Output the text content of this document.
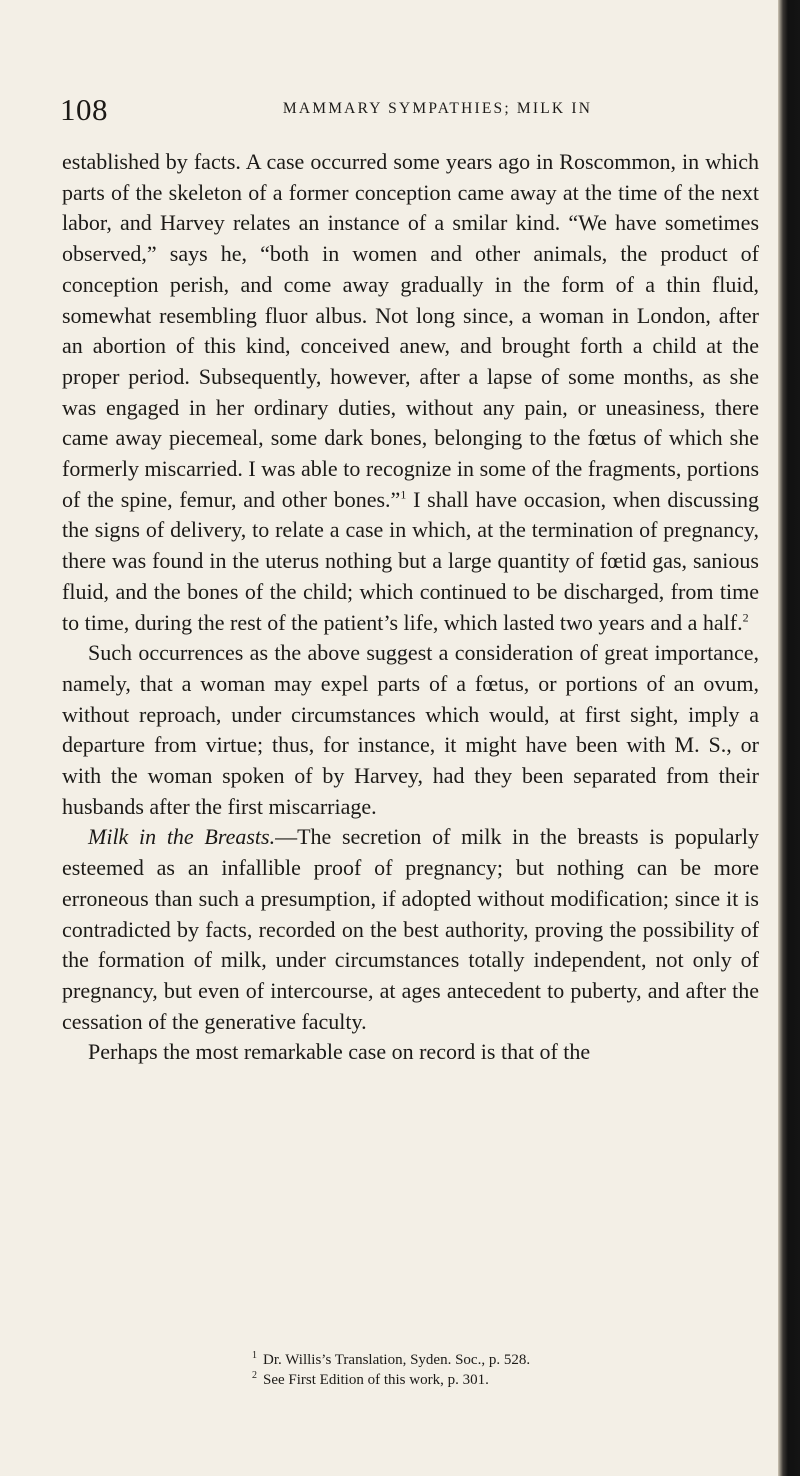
108	MAMMARY SYMPATHIES; MILK IN

established by facts. A case occurred some years ago in Roscommon, in which parts of the skeleton of a former conception came away at the time of the next labor, and Harvey relates an instance of a smilar kind. “We have sometimes observed,” says he, “both in women and other animals, the product of conception perish, and come away gradually in the form of a thin fluid, somewhat resembling fluor albus. Not long since, a woman in London, after an abortion of this kind, conceived anew, and brought forth a child at the proper period. Subsequently, however, after a lapse of some months, as she was engaged in her ordinary duties, without any pain, or uneasiness, there came away piecemeal, some dark bones, belonging to the fœtus of which she formerly miscarried. I was able to recognize in some of the fragments, portions of the spine, femur, and other bones.”$^1$ I shall have occasion, when discussing the signs of delivery, to relate a case in which, at the termination of pregnancy, there was found in the uterus nothing but a large quantity of fœtid gas, sanious fluid, and the bones of the child; which continued to be discharged, from time to time, during the rest of the patient’s life, which lasted two years and a half.$^2$

Such occurrences as the above suggest a consideration of great importance, namely, that a woman may expel parts of a fœtus, or portions of an ovum, without reproach, under circumstances which would, at first sight, imply a departure from virtue; thus, for instance, it might have been with M. S., or with the woman spoken of by Harvey, had they been separated from their husbands after the first miscarriage.

Milk in the Breasts.—The secretion of milk in the breasts is popularly esteemed as an infallible proof of pregnancy; but nothing can be more erroneous than such a presumption, if adopted without modification; since it is contradicted by facts, recorded on the best authority, proving the possibility of the formation of milk, under circumstances totally independent, not only of pregnancy, but even of intercourse, at ages antecedent to puberty, and after the cessation of the generative faculty.

Perhaps the most remarkable case on record is that of the

$^1$ Dr. Willis’s Translation, Syden. Soc., p. 528.
$^2$ See First Edition of this work, p. 301.
